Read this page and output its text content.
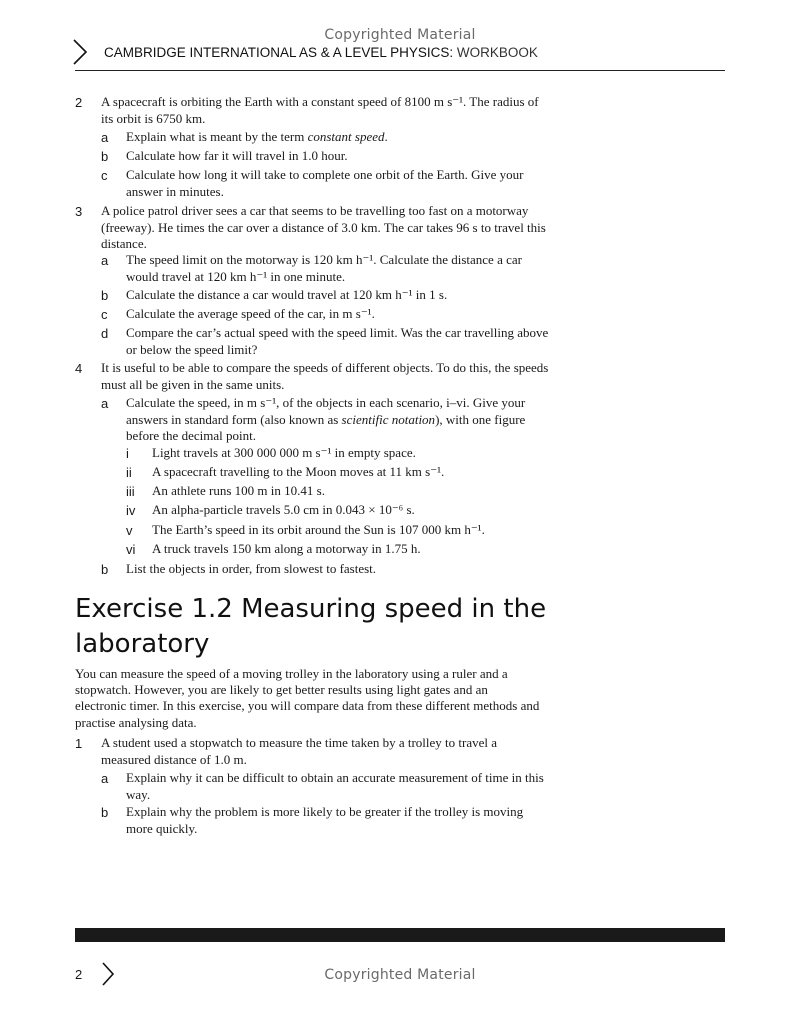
Copyrighted Material
CAMBRIDGE INTERNATIONAL AS & A LEVEL PHYSICS: WORKBOOK
2 A spacecraft is orbiting the Earth with a constant speed of 8100 m s⁻¹. The radius of its orbit is 6750 km.
a Explain what is meant by the term constant speed.
b Calculate how far it will travel in 1.0 hour.
c Calculate how long it will take to complete one orbit of the Earth. Give your answer in minutes.
3 A police patrol driver sees a car that seems to be travelling too fast on a motorway (freeway). He times the car over a distance of 3.0 km. The car takes 96 s to travel this distance.
a The speed limit on the motorway is 120 km h⁻¹. Calculate the distance a car would travel at 120 km h⁻¹ in one minute.
b Calculate the distance a car would travel at 120 km h⁻¹ in 1 s.
c Calculate the average speed of the car, in m s⁻¹.
d Compare the car’s actual speed with the speed limit. Was the car travelling above or below the speed limit?
4 It is useful to be able to compare the speeds of different objects. To do this, the speeds must all be given in the same units.
a Calculate the speed, in m s⁻¹, of the objects in each scenario, i–vi. Give your answers in standard form (also known as scientific notation), with one figure before the decimal point.
i Light travels at 300 000 000 m s⁻¹ in empty space.
ii A spacecraft travelling to the Moon moves at 11 km s⁻¹.
iii An athlete runs 100 m in 10.41 s.
iv An alpha-particle travels 5.0 cm in 0.043 × 10⁻⁶ s.
v The Earth’s speed in its orbit around the Sun is 107 000 km h⁻¹.
vi A truck travels 150 km along a motorway in 1.75 h.
b List the objects in order, from slowest to fastest.
Exercise 1.2 Measuring speed in the laboratory
You can measure the speed of a moving trolley in the laboratory using a ruler and a stopwatch. However, you are likely to get better results using light gates and an electronic timer. In this exercise, you will compare data from these different methods and practise analysing data.
1 A student used a stopwatch to measure the time taken by a trolley to travel a measured distance of 1.0 m.
a Explain why it can be difficult to obtain an accurate measurement of time in this way.
b Explain why the problem is more likely to be greater if the trolley is moving more quickly.
2	Copyrighted Material
